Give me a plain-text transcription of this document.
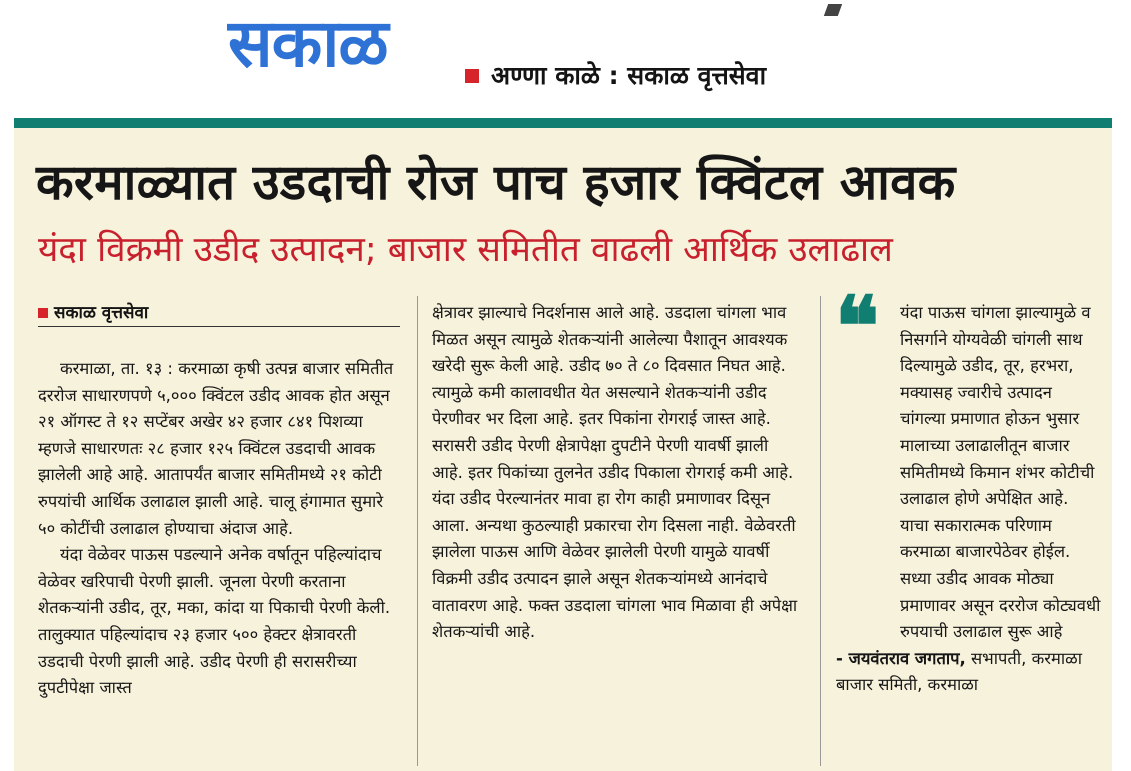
सकाळ	अण्णा काळे : सकाळ वृत्तसेवा
करमाळ्यात उडदाची रोज पाच हजार क्विंटल आवक
यंदा विक्रमी उडीद उत्पादन; बाजार समितीत वाढली आर्थिक उलाढाल
सकाळ वृत्तसेवा

करमाळा, ता. १३ : करमाळा कृषी उत्पन्न बाजार समितीत दररोज साधारणपणे ५,००० क्विंटल उडीद आवक होत असून २१ ऑगस्ट ते १२ सप्टेंबर अखेर ४२ हजार ८४१ पिशव्या म्हणजे साधारणतः २८ हजार १२५ क्विंटल उडदाची आवक झालेली आहे आहे. आतापर्यंत बाजार समितीमध्ये २१ कोटी रुपयांची आर्थिक उलाढाल झाली आहे. चालू हंगामात सुमारे ५० कोटींची उलाढाल होण्याचा अंदाज आहे.

यंदा वेळेवर पाऊस पडल्याने अनेक वर्षातून पहिल्यांदाच वेळेवर खरिपाची पेरणी झाली. जूनला पेरणी करताना शेतकऱ्यांनी उडीद, तूर, मका, कांदा या पिकाची पेरणी केली. तालुक्यात पहिल्यांदाच २३ हजार ५०० हेक्टर क्षेत्रावरती उडदाची पेरणी झाली आहे. उडीद पेरणी ही सरासरीच्या दुपटीपेक्षा जास्त

क्षेत्रावर झाल्याचे निदर्शनास आले आहे. उडदाला चांगला भाव मिळत असून त्यामुळे शेतकऱ्यांनी आलेल्या पैशातून आवश्यक खरेदी सुरू केली आहे. उडीद ७० ते ८० दिवसात निघत आहे. त्यामुळे कमी कालावधीत येत असल्याने शेतकऱ्यांनी उडीद पेरणीवर भर दिला आहे. इतर पिकांना रोगराई जास्त आहे. सरासरी उडीद पेरणी क्षेत्रापेक्षा दुपटीने पेरणी यावर्षी झाली आहे. इतर पिकांच्या तुलनेत उडीद पिकाला रोगराई कमी आहे. यंदा उडीद पेरल्यानंतर मावा हा रोग काही प्रमाणावर दिसून आला. अन्यथा कुठल्याही प्रकारचा रोग दिसला नाही. वेळेवरती झालेला पाऊस आणि वेळेवर झालेली पेरणी यामुळे यावर्षी विक्रमी उडीद उत्पादन झाले असून शेतकऱ्यांमध्ये आनंदाचे वातावरण आहे. फक्त उडदाला चांगला भाव मिळावा ही अपेक्षा शेतकऱ्यांची आहे.

❝	यंदा पाऊस चांगला झाल्यामुळे व निसर्गाने योग्यवेळी चांगली साथ दिल्यामुळे उडीद, तूर, हरभरा, मक्यासह ज्वारीचे उत्पादन चांगल्या प्रमाणात होऊन भुसार मालाच्या उलाढालीतून बाजार समितीमध्ये किमान शंभर कोटीची उलाढाल होणे अपेक्षित आहे. याचा सकारात्मक परिणाम करमाळा बाजारपेठेवर होईल. सध्या उडीद आवक मोठ्या प्रमाणावर असून दररोज कोट्यवधी रुपयाची उलाढाल सुरू आहे

- जयवंतराव जगताप, सभापती, करमाळा बाजार समिती, करमाळा
